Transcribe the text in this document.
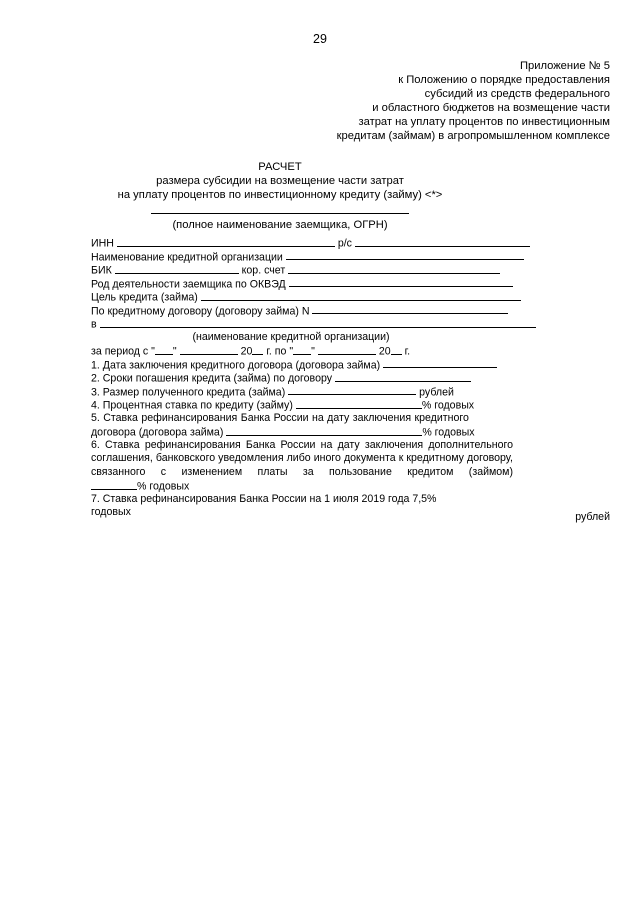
29
Приложение № 5
к Положению о порядке предоставления
субсидий из средств федерального
и областного бюджетов на возмещение части
затрат на уплату процентов по инвестиционным
кредитам (займам) в агропромышленном комплексе
РАСЧЕТ
размера субсидии на возмещение части затрат
на уплату процентов по инвестиционному кредиту (займу) <*>
(полное наименование заемщика, ОГРН)
ИНН	р/с
Наименование кредитной организации
БИК	кор. счет
Род деятельности заемщика по ОКВЭД
Цель кредита (займа)
По кредитному договору (договору займа) N
в
(наименование кредитной организации)
за период с " "	20 г. по " "	20 г.
1. Дата заключения кредитного договора (договора займа)
2. Сроки погашения кредита (займа) по договору
3. Размер полученного кредита (займа)	рублей
4. Процентная ставка по кредиту (займу)	% годовых
5. Ставка рефинансирования Банка России на дату заключения кредитного
договора (договора займа)	% годовых
6. Ставка рефинансирования Банка России на дату заключения дополнительного соглашения, банковского уведомления либо иного документа к кредитному договору, связанного с изменением платы за пользование кредитом (займом)
% годовых
7. Ставка рефинансирования Банка России на 1 июля 2019 года 7,5%
годовых	рублей
